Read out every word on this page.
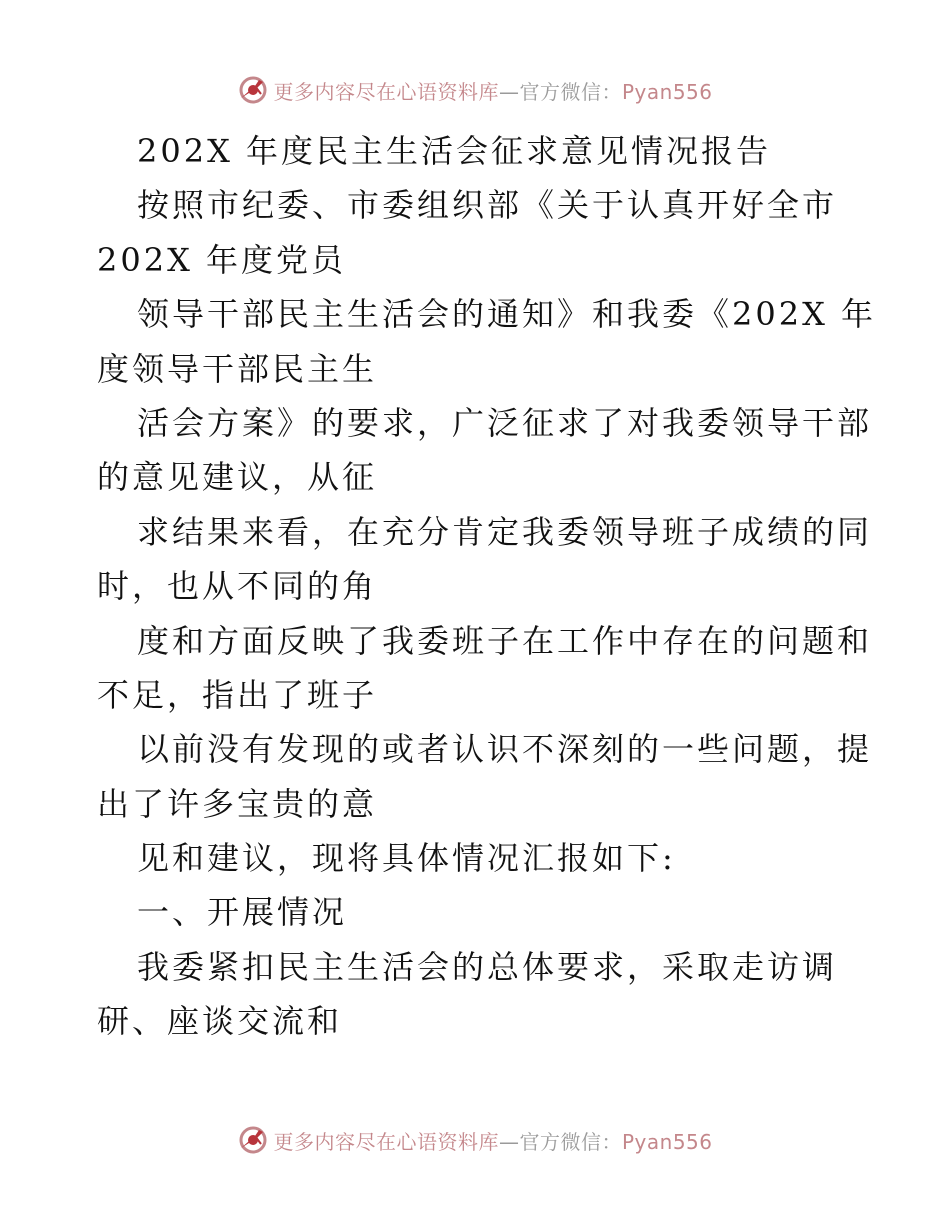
更多内容尽在心语资料库—官方微信：Pyan556
202X 年度民主生活会征求意见情况报告
按照市纪委、市委组织部《关于认真开好全市
202X 年度党员
领导干部民主生活会的通知》和我委《202X 年
度领导干部民主生
活会方案》的要求，广泛征求了对我委领导干部
的意见建议，从征
求结果来看，在充分肯定我委领导班子成绩的同
时，也从不同的角
度和方面反映了我委班子在工作中存在的问题和
不足，指出了班子
以前没有发现的或者认识不深刻的一些问题，提
出了许多宝贵的意
见和建议，现将具体情况汇报如下:
一、开展情况
我委紧扣民主生活会的总体要求，采取走访调
研、座谈交流和
更多内容尽在心语资料库—官方微信：Pyan556
